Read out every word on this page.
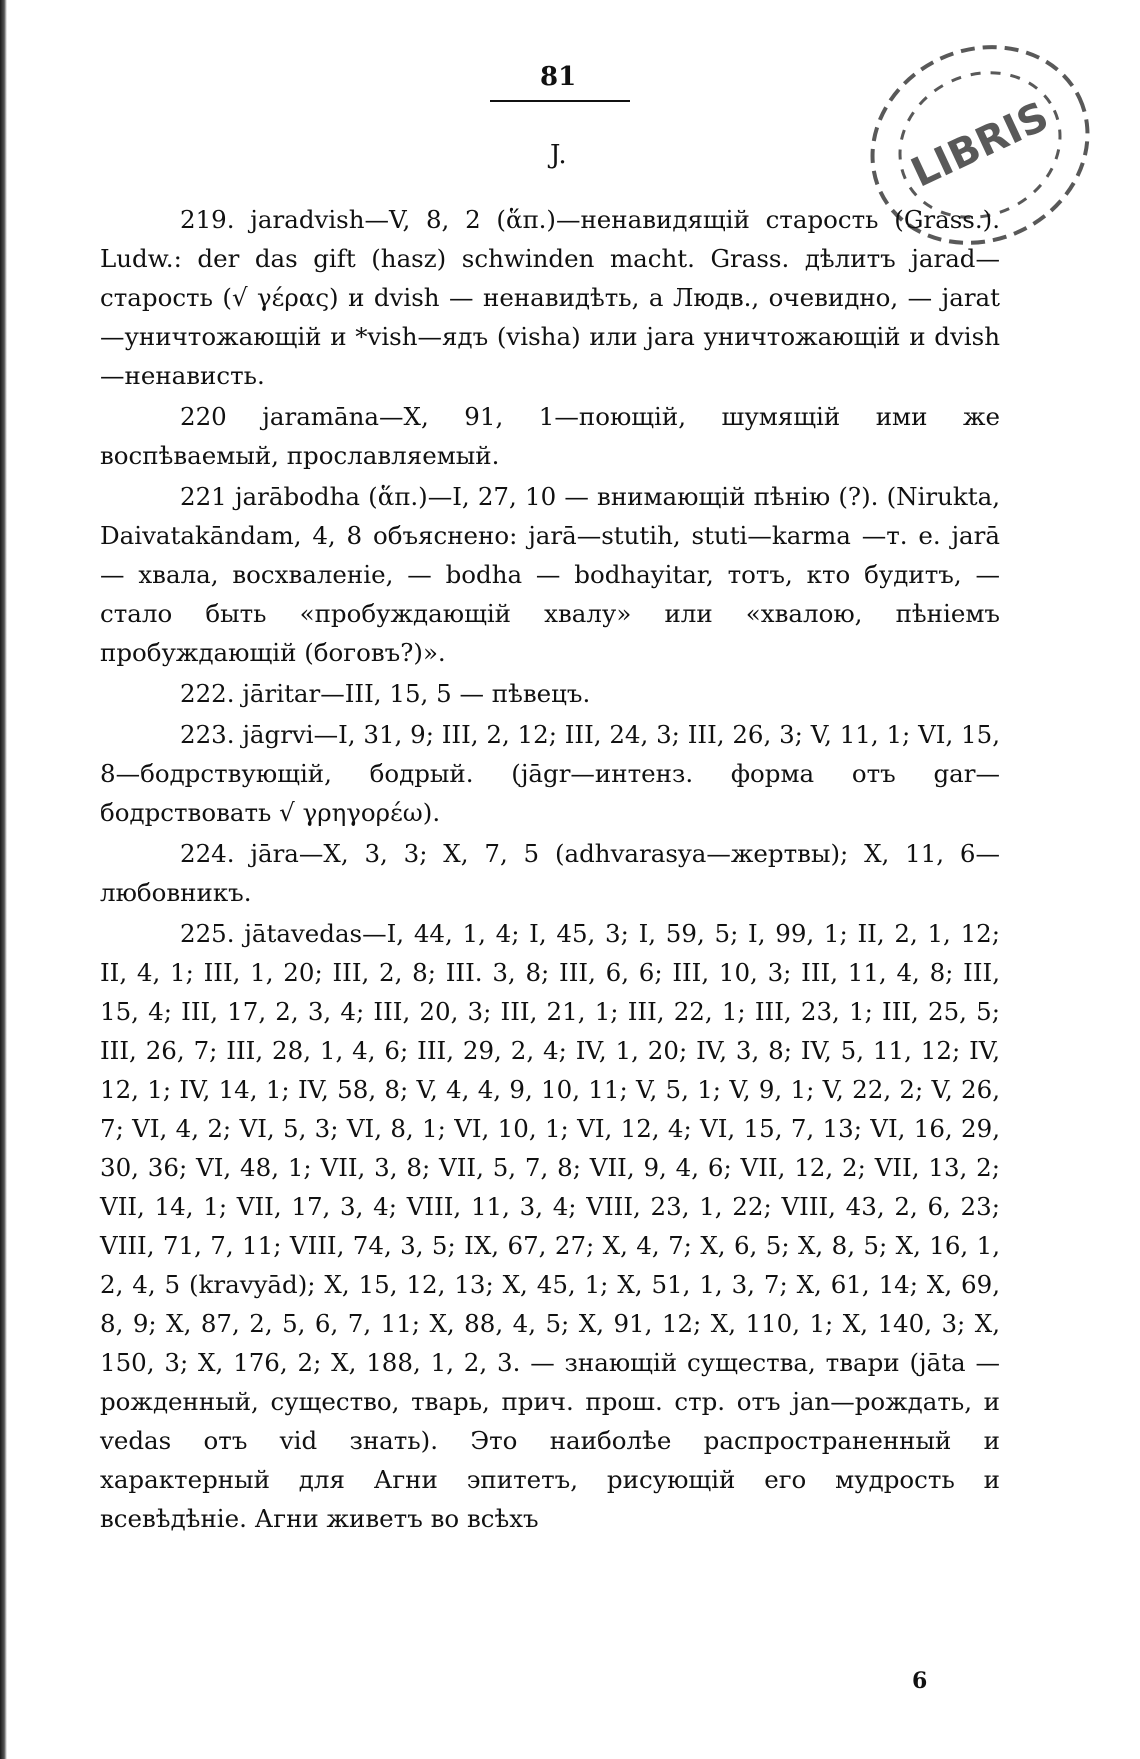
81
J.	LIBRIS

219. jaradvish—V, 8, 2 (ἅπ.)—ненавидящій старость (Grass.). Ludw.: der das gift (hasz) schwinden macht. Grass. дѣлитъ jarad— старость (√ γέρας) и dvish — ненавидѣть, а Людв., очевидно, — jarat—уничтожающій и *vish—ядъ (visha) или jara уничтожающій и dvish—ненависть.

220 jaramāna—X, 91, 1—поющій, шумящій ими же воспѣваемый, прославляемый.

221 jarābodha (ἅπ.)—I, 27, 10 — внимающій пѣнію (?). (Nirukta, Daivatakāndam, 4, 8 объяснено: jarā—stutih, stuti—karma —т. е. jarā — хвала, восхваленіе, — bodha — bodhayitar, тотъ, кто будитъ, — стало быть «пробуждающій хвалу» или «хвалою, пѣніемъ пробуждающій (боговъ?)».

222. jāritar—III, 15, 5 — пѣвецъ.

223. jāgrvi—I, 31, 9; III, 2, 12; III, 24, 3; III, 26, 3; V, 11, 1; VI, 15, 8—бодрствующій, бодрый. (jāgr—интенз. форма отъ gar—бодрствовать √ γρηγορέω).

224. jāra—X, 3, 3; X, 7, 5 (adhvarasya—жертвы); X, 11, 6—любовникъ.

225. jātavedas—I, 44, 1, 4; I, 45, 3; I, 59, 5; I, 99, 1; II, 2, 1, 12; II, 4, 1; III, 1, 20; III, 2, 8; III. 3, 8; III, 6, 6; III, 10, 3; III, 11, 4, 8; III, 15, 4; III, 17, 2, 3, 4; III, 20, 3; III, 21, 1; III, 22, 1; III, 23, 1; III, 25, 5; III, 26, 7; III, 28, 1, 4, 6; III, 29, 2, 4; IV, 1, 20; IV, 3, 8; IV, 5, 11, 12; IV, 12, 1; IV, 14, 1; IV, 58, 8; V, 4, 4, 9, 10, 11; V, 5, 1; V, 9, 1; V, 22, 2; V, 26, 7; VI, 4, 2; VI, 5, 3; VI, 8, 1; VI, 10, 1; VI, 12, 4; VI, 15, 7, 13; VI, 16, 29, 30, 36; VI, 48, 1; VII, 3, 8; VII, 5, 7, 8; VII, 9, 4, 6; VII, 12, 2; VII, 13, 2; VII, 14, 1; VII, 17, 3, 4; VIII, 11, 3, 4; VIII, 23, 1, 22; VIII, 43, 2, 6, 23; VIII, 71, 7, 11; VIII, 74, 3, 5; IX, 67, 27; X, 4, 7; X, 6, 5; X, 8, 5; X, 16, 1, 2, 4, 5 (kravyād); X, 15, 12, 13; X, 45, 1; X, 51, 1, 3, 7; X, 61, 14; X, 69, 8, 9; X, 87, 2, 5, 6, 7, 11; X, 88, 4, 5; X, 91, 12; X, 110, 1; X, 140, 3; X, 150, 3; X, 176, 2; X, 188, 1, 2, 3. — знающій существа, твари (jāta — рожденный, существо, тварь, прич. прош. стр. отъ jan—рождать, и vedas отъ vid знать). Это наиболѣе распространенный и характерный для Агни эпитетъ, рисующій его мудрость и всевѣдѣніе. Агни живетъ во всѣхъ

6
